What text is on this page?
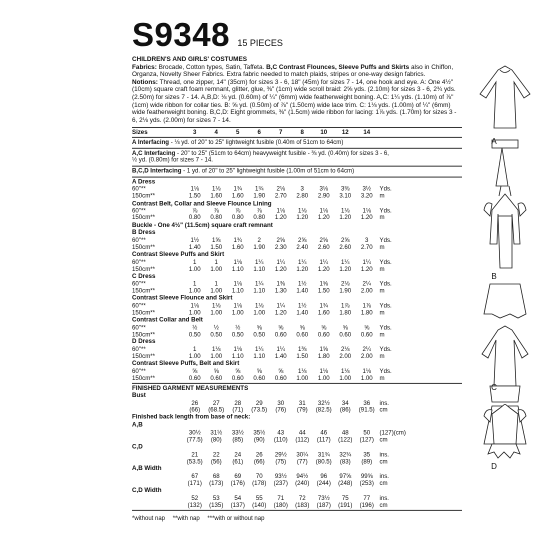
S9348 15 PIECES
CHILDREN'S AND GIRLS' COSTUMES
Fabrics: Brocade, Cotton types, Satin, Taffeta. B,C Contrast Flounces, Sleeve Puffs and Skirts also in Chiffon, Organza, Novelty Sheer Fabrics. Extra fabric needed to match plaids, stripes or one-way design fabrics.
Notions: Thread, one zipper, 14" (35cm) for sizes 3 - 6, 18" (45m) for sizes 7 - 14, one hook and eye. A: One 4½" (10cm) square craft foam remnant, glitter, glue, ⅜" (1cm) wide scroll braid: 2⅝ yds. (2.10m) for sizes 3 - 6, 2¾ yds. (2.50m) for sizes 7 - 14. A,B,D: ⅛ yd. (0.60m) of ¼" (6mm) wide featherweight boning. A,C: 1¼ yds. (1.10m) of ⅞" (1cm) wide ribbon for collar ties. B: ⅝ yd. (0.50m) of ⅞" (1.50cm) wide lace trim. C: 1⅛ yds. (1.00m) of ¼" (6mm) wide featherweight boning. B,C,D: Eight grommets, ⅜" (1.5cm) wide ribbon for lacing: 1⅞ yds. (1.70m) for sizes 3 - 6, 2⅛ yds. (2.00m) for sizes 7 - 14.
Sizes	3	4	5	6	7	8	10	12	14
A Interfacing - ⅛ yd. of 20" to 25" lightweight fusible (0.40m of 51cm to 64cm)
A,C Interfacing - 20" to 25" (51cm to 64cm) heavyweight fusible - ⅜ yd. (0.40m) for sizes 3 - 6,
½ yd. (0.80m) for sizes 7 - 14.
B,C,D Interfacing - 1 yd. of 20" to 25" lightweight fusible (1.00m of 51cm to 64cm)
A Dress
60"**	1⅛	1⅛	1¾	1¾	2⅛	3	3⅛	3⅜	3½	Yds.
150cm**	1.50	1.60	1.60	1.90	2.70	2.80	2.90	3.10	3.20	m
Contrast Belt, Collar and Sleeve Flounce Lining
60"**	⅞	⅞	⅞	⅞	1⅛	1⅛	1⅛	1⅛	1⅛	Yds.
150cm**	0.80	0.80	0.80	0.80	1.20	1.20	1.20	1.20	1.20	m
Buckle - One 4½" (11.5cm) square craft remnant
B Dress
60"**	1½	1⅝	1¾	2	2⅝	2⅝	2⅝	2⅝	3	Yds.
150cm**	1.40	1.50	1.60	1.90	2.30	2.40	2.60	2.60	2.70	m
Contrast Sleeve Puffs and Skirt
60"**	1	1	1⅛	1¼	1¼	1¼	1¼	1¼	1¼	Yds.
150cm**	1.00	1.00	1.10	1.10	1.20	1.20	1.20	1.20	1.20	m
C Dress
60"**	1	1	1⅛	1¼	1⅜	1½	1⅝	2⅛	2¼	Yds.
150cm**	1.00	1.00	1.10	1.10	1.30	1.40	1.50	1.90	2.00	m
Contrast Sleeve Flounce and Skirt
60"**	1⅛	1⅛	1⅛	1⅛	1¼	1½	1¾	1⅞	1⅞	Yds.
150cm**	1.00	1.00	1.00	1.00	1.20	1.40	1.60	1.80	1.80	m
Contrast Collar and Belt
60"**	½	½	½	⅝	⅝	⅝	⅝	⅝	⅝	Yds.
150cm**	0.50	0.50	0.50	0.50	0.60	0.60	0.60	0.60	0.60	m
D Dress
60"**	1	1⅛	1⅛	1¼	1¼	1⅜	1⅝	2⅛	2¼	Yds.
150cm**	1.00	1.00	1.10	1.10	1.40	1.50	1.80	2.00	2.00	m
Contrast Sleeve Puffs, Belt and Skirt
60"**	⅝	⅝	⅝	⅝	⅝	1⅛	1⅛	1⅛	1⅛	Yds.
150cm**	0.60	0.60	0.60	0.60	0.60	1.00	1.00	1.00	1.00	m
FINISHED GARMENT MEASUREMENTS
Bust
26	27	28	29	30	31	32½	34	36	ins.
(66)	(68.5)	(71)	(73.5)	(76)	(79)	(82.5)	(86)	(91.5) cm
Finished back length from base of neck:
A,B
30½	31½	33½	35½	43	44	46	48	50	(127)(cm)
(77.5)	(80)	(85)	(90)	(110)	(112)	(117)	(122)	(127) cm
C,D
21	22	24	26	29½	30¼	31¾	32¾	35	ins.
(53.5)	(56)	(61)	(66)	(75)	(77)	(80.5)	(83)	(89)	cm
A,B Width
67	68	69	70	93½	94½	96	97⅝	99⅝	ins.
(171)	(173)	(176)	(178)	(237)	(240)	(244)	(248)	(253) cm
C,D Width
52	53	54	55	71	72	73½	75	77	ins.
(132)	(135)	(137)	(140)	(180)	(183)	(187)	(191)	(196) cm
*without nap **with nap ***with or without nap
A
B
C
D
